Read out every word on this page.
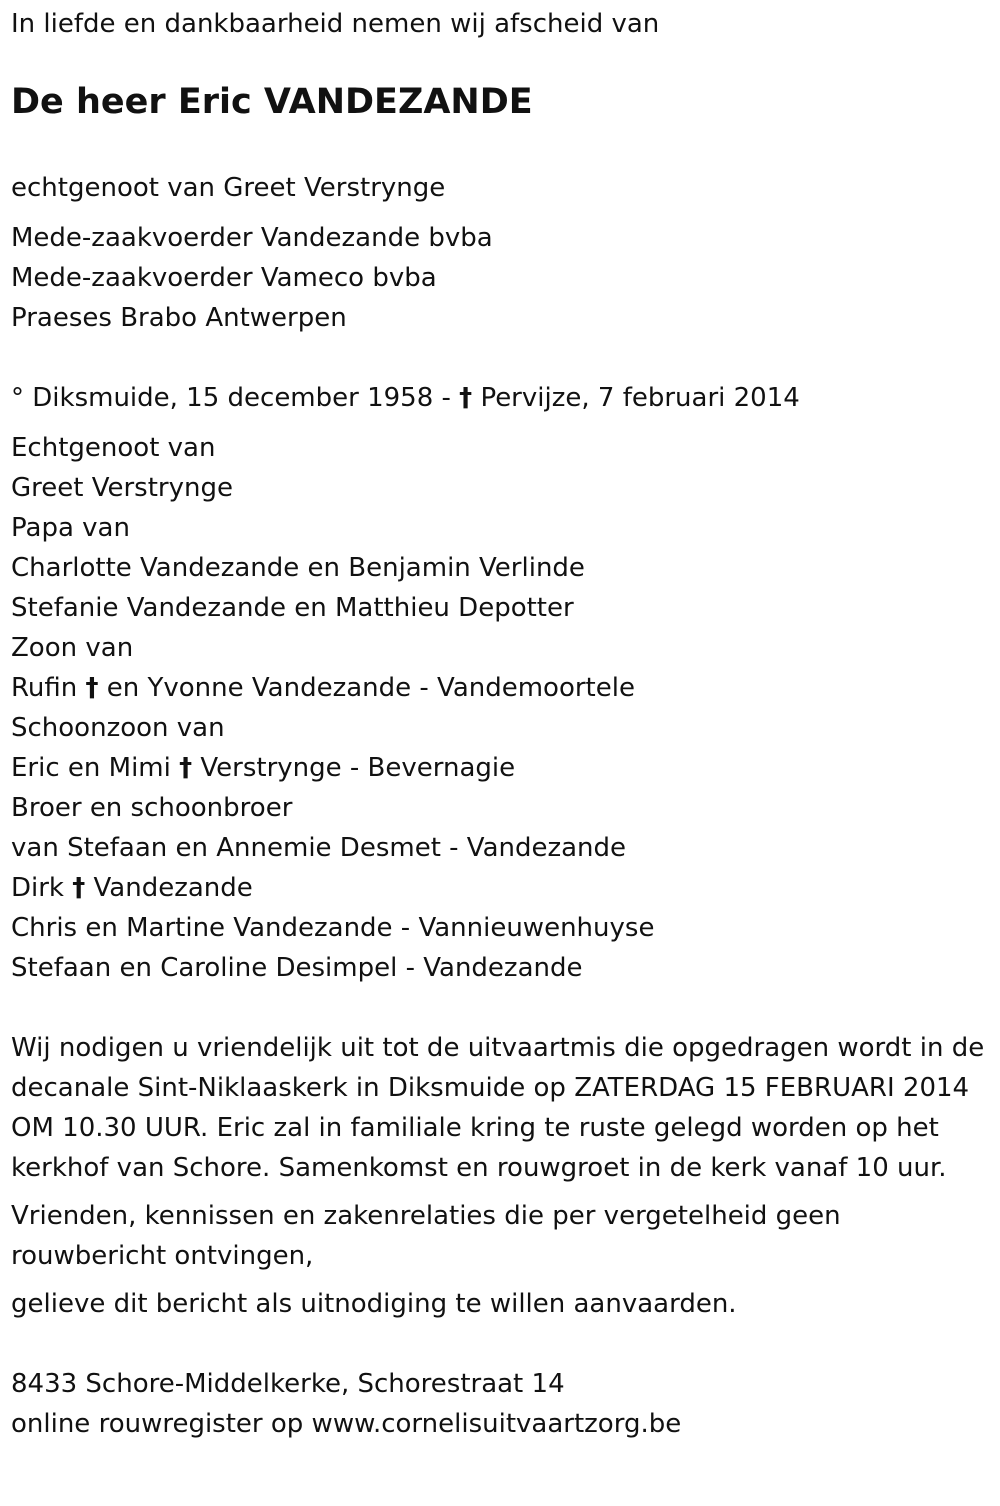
In liefde en dankbaarheid nemen wij afscheid van

De heer Eric VANDEZANDE

echtgenoot van Greet Verstrynge

Mede-zaakvoerder Vandezande bvba
Mede-zaakvoerder Vameco bvba
Praeses Brabo Antwerpen

° Diksmuide, 15 december 1958 - † Pervijze, 7 februari 2014

Echtgenoot van
Greet Verstrynge
Papa van
Charlotte Vandezande en Benjamin Verlinde
Stefanie Vandezande en Matthieu Depotter
Zoon van
Rufin † en Yvonne Vandezande - Vandemoortele
Schoonzoon van
Eric en Mimi † Verstrynge - Bevernagie
Broer en schoonbroer
van Stefaan en Annemie Desmet - Vandezande
Dirk † Vandezande
Chris en Martine Vandezande - Vannieuwenhuyse
Stefaan en Caroline Desimpel - Vandezande

Wij nodigen u vriendelijk uit tot de uitvaartmis die opgedragen wordt in de decanale Sint-Niklaaskerk in Diksmuide op ZATERDAG 15 FEBRUARI 2014 OM 10.30 UUR. Eric zal in familiale kring te ruste gelegd worden op het kerkhof van Schore. Samenkomst en rouwgroet in de kerk vanaf 10 uur.

Vrienden, kennissen en zakenrelaties die per vergetelheid geen rouwbericht ontvingen,

gelieve dit bericht als uitnodiging te willen aanvaarden.

8433 Schore-Middelkerke, Schorestraat 14

online rouwregister op www.cornelisuitvaartzorg.be
